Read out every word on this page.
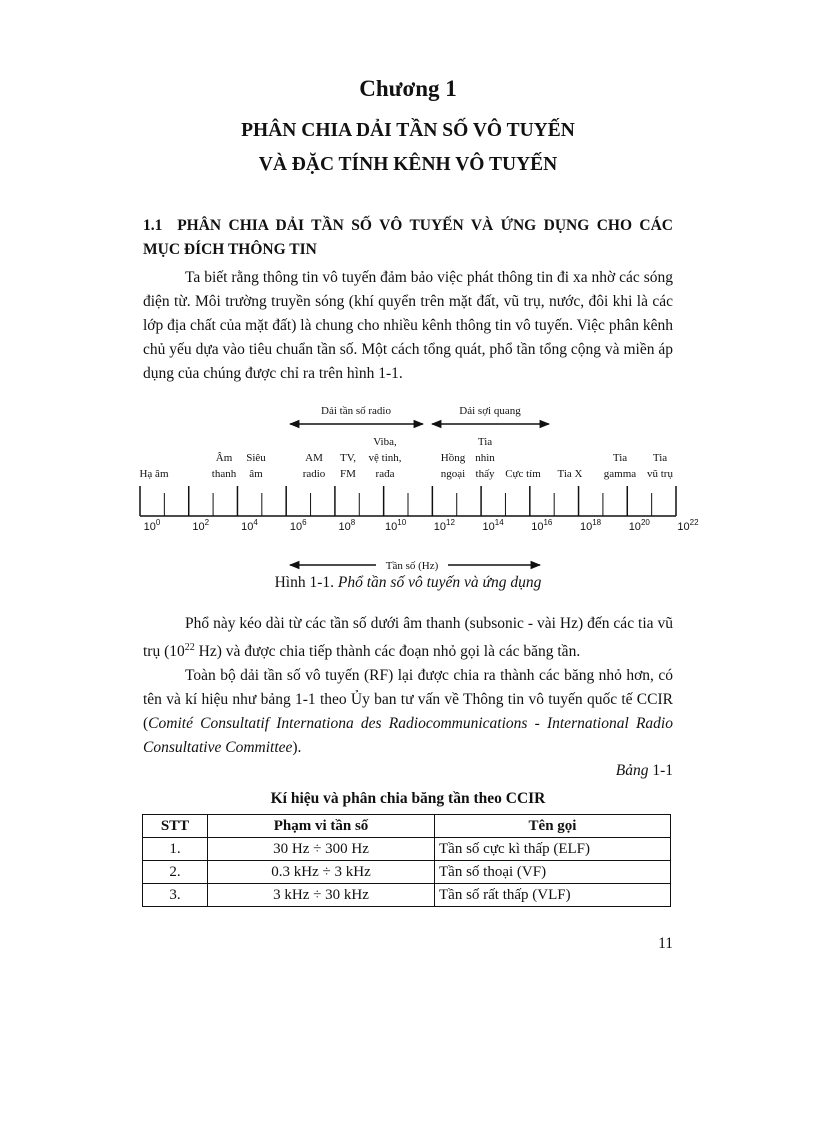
Chương 1
PHÂN CHIA DẢI TẦN SỐ VÔ TUYẾN
VÀ ĐẶC TÍNH KÊNH VÔ TUYẾN
1.1 PHÂN CHIA DẢI TẦN SỐ VÔ TUYẾN VÀ ỨNG DỤNG CHO CÁC
MỤC ĐÍCH THÔNG TIN

Ta biết rằng thông tin vô tuyến đảm bảo việc phát thông tin đi xa nhờ các sóng điện từ. Môi trường truyền sóng (khí quyển trên mặt đất, vũ trụ, nước, đôi khi là các lớp địa chất của mặt đất) là chung cho nhiều kênh thông tin vô tuyến. Việc phân kênh chủ yếu dựa vào tiêu chuẩn tần số. Một cách tổng quát, phổ tần tổng cộng và miền áp dụng của chúng được chỉ ra trên hình 1-1.

Dải tần số radio	Dải sợi quang
Hạ âm
Âm
thanh
Siêu
âm
AM
radio
TV,
FM
Viba,
vệ tinh,
rađa
Hồng
ngoại
Tia
nhìn
thấy Cực tím Tia X
Tia
gamma
Tia
vũ trụ
$10^0$	$10^2$	$10^4$	$10^6$	$10^8$	$10^{10}$	$10^{12}$	$10^{14}$	$10^{16}$	$10^{18}$	$10^{20}$	$10^{22}$
Tần số (Hz)
Hình 1-1. Phổ tần số vô tuyến và ứng dụng

Phổ này kéo dài từ các tần số dưới âm thanh (subsonic - vài Hz) đến các tia vũ trụ ($10^{22}$ Hz) và được chia tiếp thành các đoạn nhỏ gọi là các băng tần.

Toàn bộ dải tần số vô tuyến (RF) lại được chia ra thành các băng nhỏ hơn, có tên và kí hiệu như bảng 1-1 theo Ủy ban tư vấn về Thông tin vô tuyến quốc tế CCIR (Comité Consultatif Internationa des Radiocommunications - International Radio Consultative Committee).

Bảng 1-1
Kí hiệu và phân chia băng tần theo CCIR
STT	Phạm vi tần số	Tên gọi
1.	30 Hz ÷ 300 Hz	Tần số cực kì thấp (ELF)
2.	0.3 kHz ÷ 3 kHz	Tần số thoại (VF)
3.	3 kHz ÷ 30 kHz	Tần số rất thấp (VLF)
11
